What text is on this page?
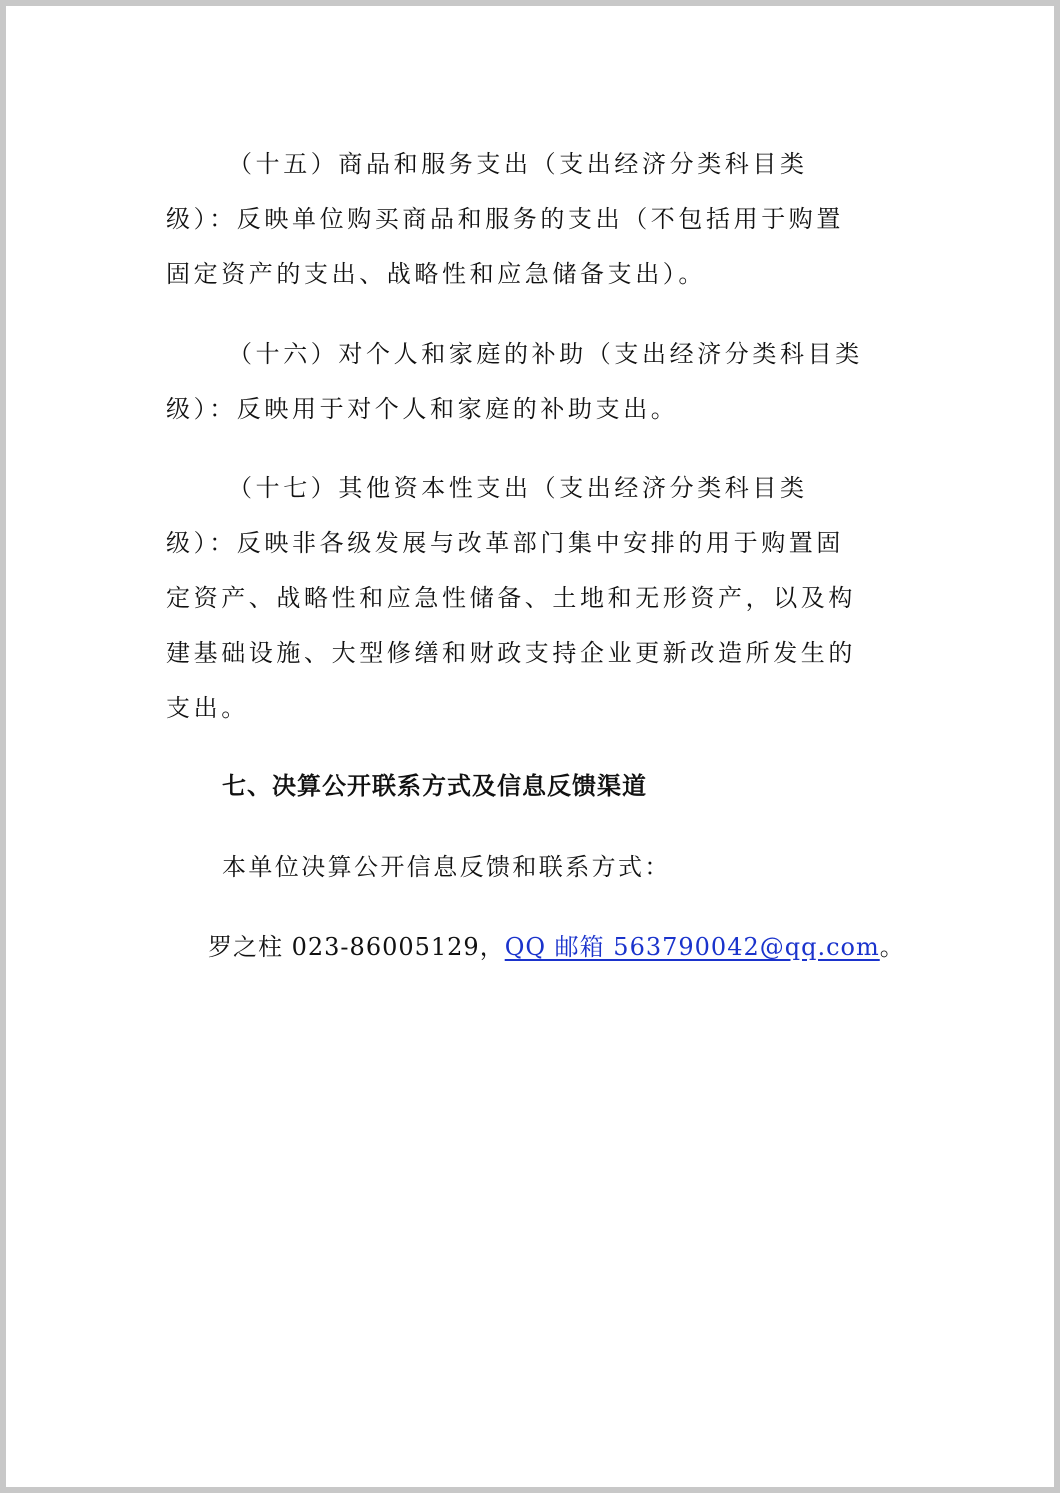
（十五）商品和服务支出（支出经济分类科目类
级）：反映单位购买商品和服务的支出（不包括用于购置
固定资产的支出、战略性和应急储备支出）。
（十六）对个人和家庭的补助（支出经济分类科目类
级）：反映用于对个人和家庭的补助支出。
（十七）其他资本性支出（支出经济分类科目类
级）：反映非各级发展与改革部门集中安排的用于购置固
定资产、战略性和应急性储备、土地和无形资产，以及构
建基础设施、大型修缮和财政支持企业更新改造所发生的
支出。
七、决算公开联系方式及信息反馈渠道
本单位决算公开信息反馈和联系方式：
罗之柱 023-86005129，QQ 邮箱 563790042@qq.com。
